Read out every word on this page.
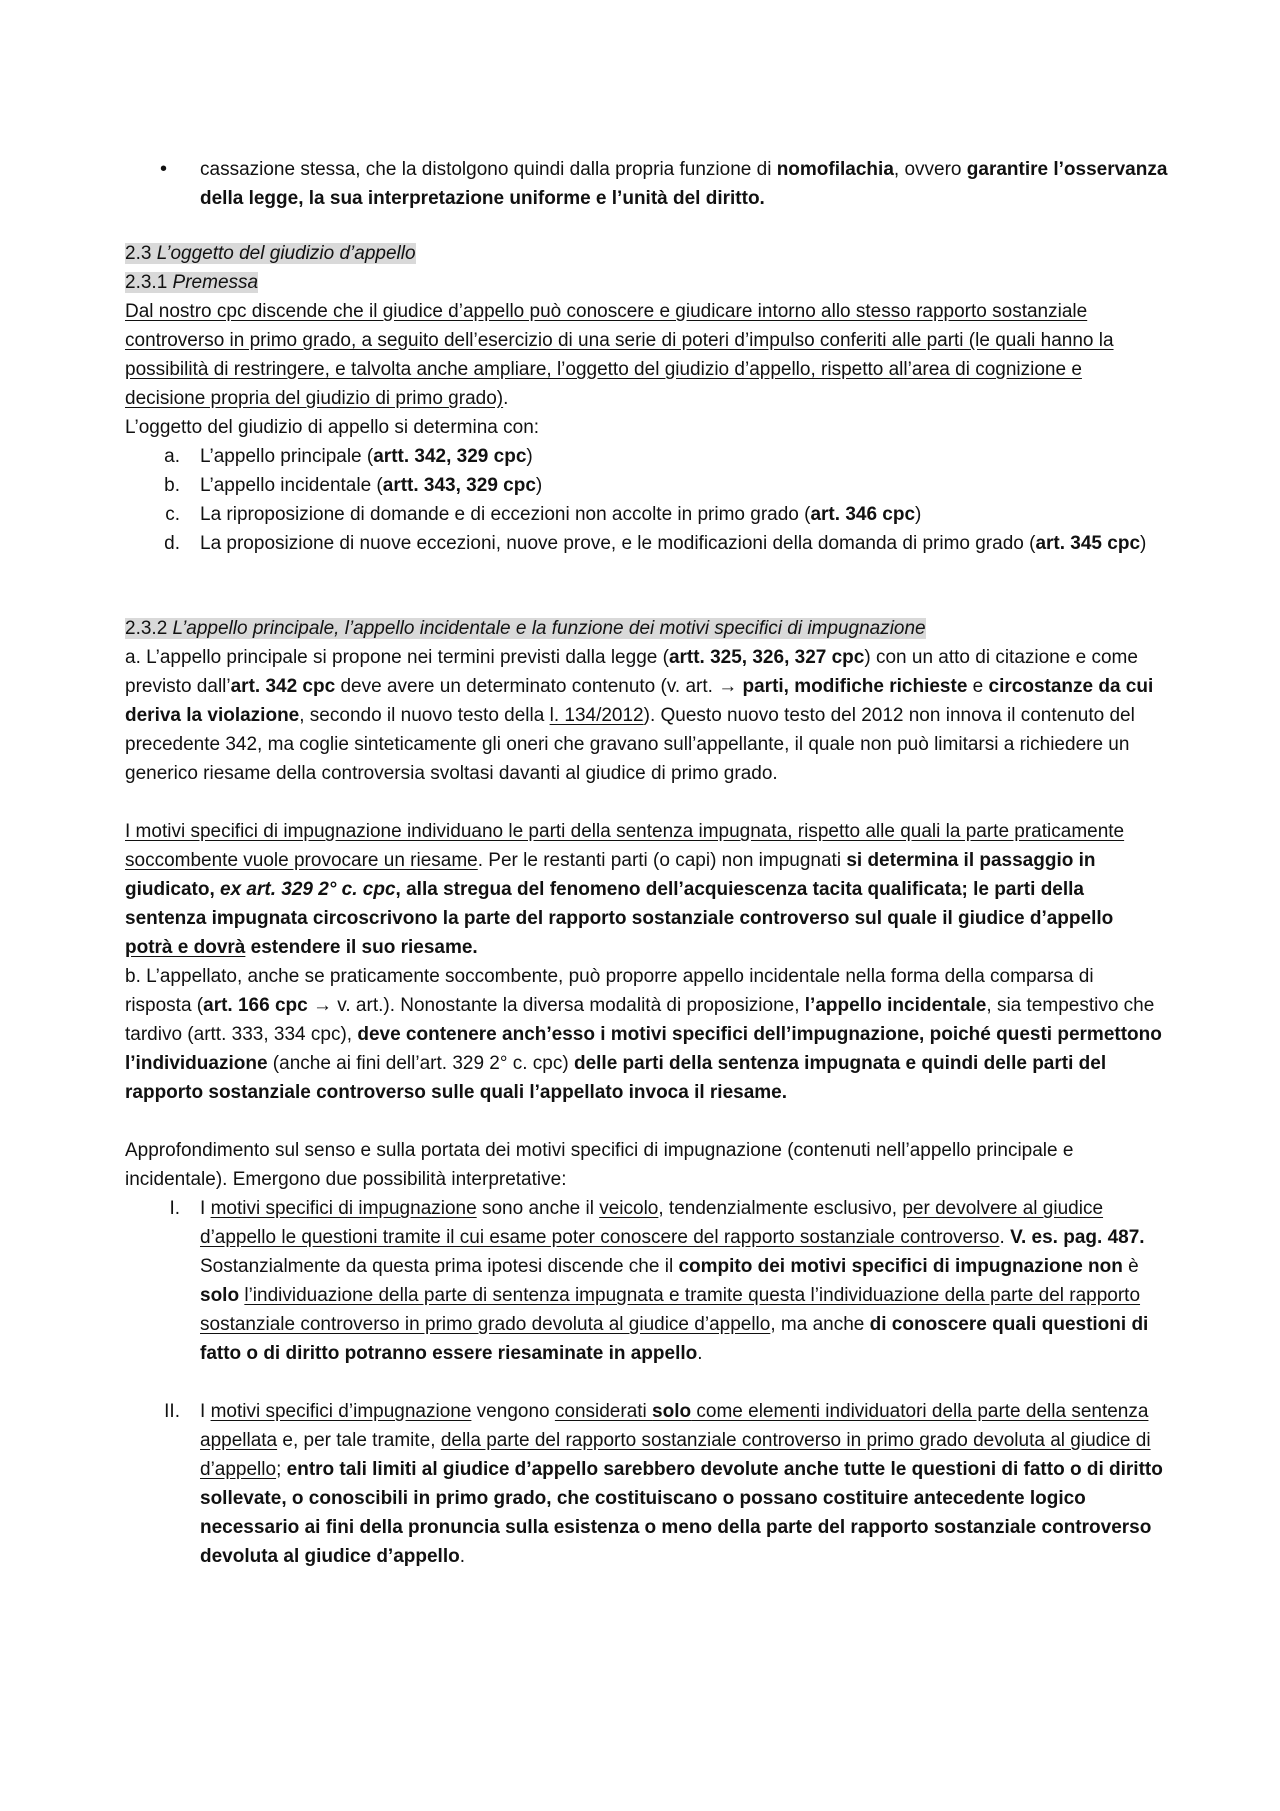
• cassazione stessa, che la distolgono quindi dalla propria funzione di nomofilachia, ovvero garantire l’osservanza della legge, la sua interpretazione uniforme e l’unità del diritto.

2.3 L’oggetto del giudizio d’appello

2.3.1 Premessa

Dal nostro cpc discende che il giudice d’appello può conoscere e giudicare intorno allo stesso rapporto sostanziale controverso in primo grado, a seguito dell’esercizio di una serie di poteri d’impulso conferiti alle parti (le quali hanno la possibilità di restringere, e talvolta anche ampliare, l’oggetto del giudizio d’appello, rispetto all’area di cognizione e decisione propria del giudizio di primo grado).

L’oggetto del giudizio di appello si determina con:

a. L’appello principale (artt. 342, 329 cpc)

b. L’appello incidentale (artt. 343, 329 cpc)

c. La riproposizione di domande e di eccezioni non accolte in primo grado (art. 346 cpc)

d. La proposizione di nuove eccezioni, nuove prove, e le modificazioni della domanda di primo grado (art. 345 cpc)

2.3.2 L’appello principale, l’appello incidentale e la funzione dei motivi specifici di impugnazione

a. L’appello principale si propone nei termini previsti dalla legge (artt. 325, 326, 327 cpc) con un atto di citazione e come previsto dall’art. 342 cpc deve avere un determinato contenuto (v. art. → parti, modifiche richieste e circostanze da cui deriva la violazione, secondo il nuovo testo della l. 134/2012). Questo nuovo testo del 2012 non innova il contenuto del precedente 342, ma coglie sinteticamente gli oneri che gravano sull’appellante, il quale non può limitarsi a richiedere un generico riesame della controversia svoltasi davanti al giudice di primo grado.

I motivi specifici di impugnazione individuano le parti della sentenza impugnata, rispetto alle quali la parte praticamente soccombente vuole provocare un riesame. Per le restanti parti (o capi) non impugnati si determina il passaggio in giudicato, ex art. 329 2° c. cpc, alla stregua del fenomeno dell’acquiescenza tacita qualificata; le parti della sentenza impugnata circoscrivono la parte del rapporto sostanziale controverso sul quale il giudice d’appello potrà e dovrà estendere il suo riesame.

b. L’appellato, anche se praticamente soccombente, può proporre appello incidentale nella forma della comparsa di risposta (art. 166 cpc → v. art.). Nonostante la diversa modalità di proposizione, l’appello incidentale, sia tempestivo che tardivo (artt. 333, 334 cpc), deve contenere anch’esso i motivi specifici dell’impugnazione, poiché questi permettono l’individuazione (anche ai fini dell’art. 329 2° c. cpc) delle parti della sentenza impugnata e quindi delle parti del rapporto sostanziale controverso sulle quali l’appellato invoca il riesame.

Approfondimento sul senso e sulla portata dei motivi specifici di impugnazione (contenuti nell’appello principale e incidentale). Emergono due possibilità interpretative:

I. I motivi specifici di impugnazione sono anche il veicolo, tendenzialmente esclusivo, per devolvere al giudice d’appello le questioni tramite il cui esame poter conoscere del rapporto sostanziale controverso. V. es. pag. 487. Sostanzialmente da questa prima ipotesi discende che il compito dei motivi specifici di impugnazione non è solo l’individuazione della parte di sentenza impugnata e tramite questa l’individuazione della parte del rapporto sostanziale controverso in primo grado devoluta al giudice d’appello, ma anche di conoscere quali questioni di fatto o di diritto potranno essere riesaminate in appello.

II. I motivi specifici d’impugnazione vengono considerati solo come elementi individuatori della parte della sentenza appellata e, per tale tramite, della parte del rapporto sostanziale controverso in primo grado devoluta al giudice di d’appello; entro tali limiti al giudice d’appello sarebbero devolute anche tutte le questioni di fatto o di diritto sollevate, o conoscibili in primo grado, che costituiscano o possano costituire antecedente logico necessario ai fini della pronuncia sulla esistenza o meno della parte del rapporto sostanziale controverso devoluta al giudice d’appello.
